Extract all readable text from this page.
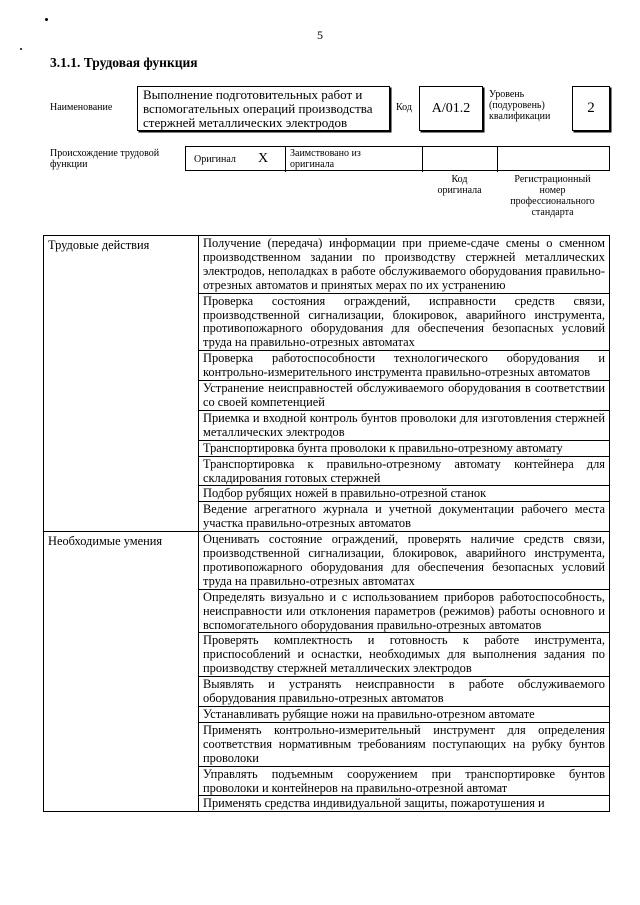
5
3.1.1. Трудовая функция
Наименование
Выполнение подготовительных работ и вспомогательных операций производства стержней металлических электродов
Код	А/01.2
Уровень
(подуровень)
квалификации
2
Происхождение трудовой
функции	Оригинал X Заимствовано из
оригинала
Код
оригинала
Регистрационный
номер
профессионального
стандарта
Трудовые действия	Получение (передача) информации при приеме-сдаче смены о сменном производственном задании по производству стержней металлических электродов, неполадках в работе обслуживаемого оборудования правильно-отрезных автоматов и принятых мерах по их устранению
	Проверка состояния ограждений, исправности средств связи, производственной сигнализации, блокировок, аварийного инструмента, противопожарного оборудования для обеспечения безопасных условий труда на правильно-отрезных автоматах
	Проверка работоспособности технологического оборудования и контрольно-измерительного инструмента правильно-отрезных автоматов
	Устранение неисправностей обслуживаемого оборудования в соответствии со своей компетенцией
	Приемка и входной контроль бунтов проволоки для изготовления стержней металлических электродов
	Транспортировка бунта проволоки к правильно-отрезному автомату
	Транспортировка к правильно-отрезному автомату контейнера для складирования готовых стержней
	Подбор рубящих ножей в правильно-отрезной станок
	Ведение агрегатного журнала и учетной документации рабочего места участка правильно-отрезных автоматов
Необходимые умения	Оценивать состояние ограждений, проверять наличие средств связи, производственной сигнализации, блокировок, аварийного инструмента, противопожарного оборудования для обеспечения безопасных условий труда на правильно-отрезных автоматах
	Определять визуально и с использованием приборов работоспособность, неисправности или отклонения параметров (режимов) работы основного и вспомогательного оборудования правильно-отрезных автоматов
	Проверять комплектность и готовность к работе инструмента, приспособлений и оснастки, необходимых для выполнения задания по производству стержней металлических электродов
	Выявлять и устранять неисправности в работе обслуживаемого оборудования правильно-отрезных автоматов
	Устанавливать рубящие ножи на правильно-отрезном автомате
	Применять контрольно-измерительный инструмент для определения соответствия нормативным требованиям поступающих на рубку бунтов проволоки
	Управлять подъемным сооружением при транспортировке бунтов проволоки и контейнеров на правильно-отрезной автомат
	Применять средства индивидуальной защиты, пожаротушения и
